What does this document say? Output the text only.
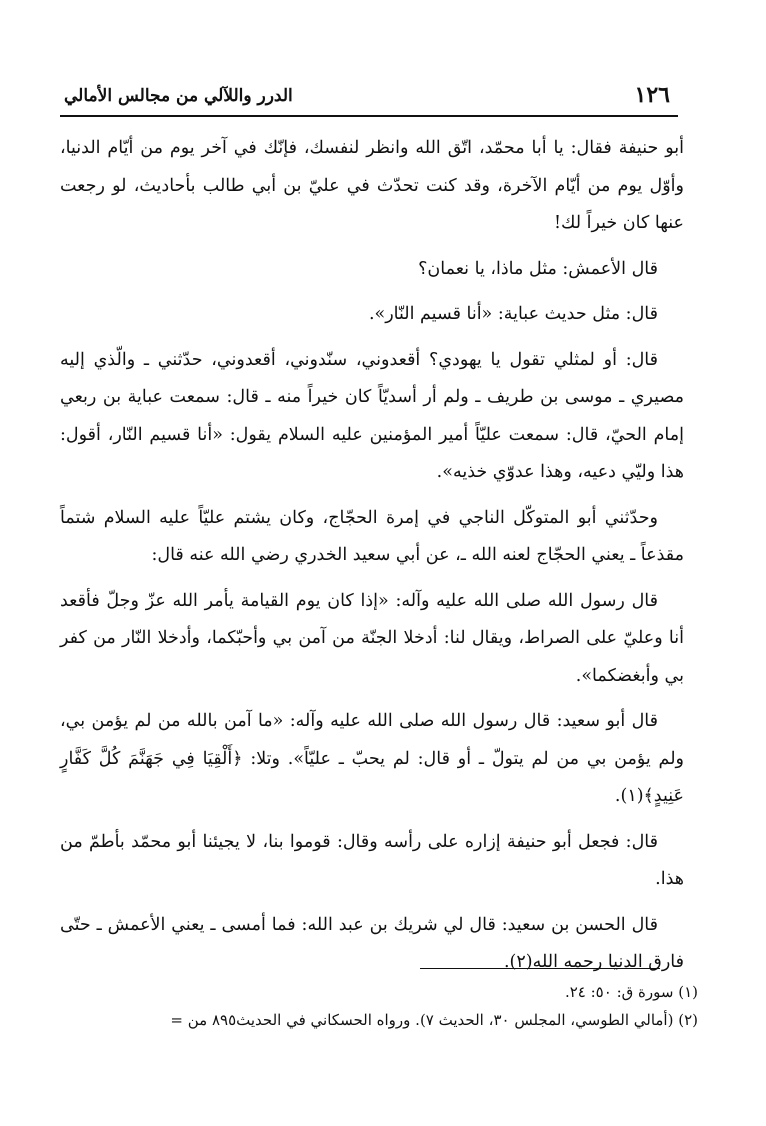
١٢٦
الدرر واللآلي من مجالس الأمالي

أبو حنيفة فقال: يا أبا محمّد، اتّق الله وانظر لنفسك، فإنّك في آخر يوم من أيّام الدنيا، وأوّل يوم من أيّام الآخرة، وقد كنت تحدّث في عليّ بن أبي طالب بأحاديث، لو رجعت عنها كان خيراً لك!

قال الأعمش: مثل ماذا، يا نعمان؟

قال: مثل حديث عباية: «أنا قسيم النّار».

قال: أو لمثلي تقول يا يهودي؟ أقعدوني، سنّدوني، أقعدوني، حدّثني ـ والّذي إليه مصيري ـ موسى بن طريف ـ ولم أر أسديّاً كان خيراً منه ـ قال: سمعت عباية بن ربعي إمام الحيّ، قال: سمعت عليّاً أمير المؤمنين عليه السلام يقول: «أنا قسيم النّار، أقول: هذا وليّي دعيه، وهذا عدوّي خذيه».

وحدّثني أبو المتوكّل الناجي في إمرة الحجّاج، وكان يشتم عليّاً عليه السلام شتماً مقذعاً ـ يعني الحجّاج لعنه الله ـ، عن أبي سعيد الخدري رضي الله عنه قال:

قال رسول الله صلى الله عليه وآله: «إذا كان يوم القيامة يأمر الله عزّ وجلّ فأقعد أنا وعليّ على الصراط، ويقال لنا: أدخلا الجنّة من آمن بي وأحبّكما، وأدخلا النّار من كفر بي وأبغضكما».

قال أبو سعيد: قال رسول الله صلى الله عليه وآله: «ما آمن بالله من لم يؤمن بي، ولم يؤمن بي من لم يتولّ ـ أو قال: لم يحبّ ـ عليّاً». وتلا: ﴿أَلْقِيَا فِي جَهَنَّمَ كُلَّ كَفَّارٍ عَنِيدٍ﴾(١).

قال: فجعل أبو حنيفة إزاره على رأسه وقال: قوموا بنا، لا يجيئنا أبو محمّد بأطمّ من هذا.

قال الحسن بن سعيد: قال لي شريك بن عبد الله: فما أمسى ـ يعني الأعمش ـ حتّى فارق الدنيا رحمه الله(٢).

(١) سورة ق: ٥٠: ٢٤.
(٢) (أمالي الطوسي، المجلس ٣٠، الحديث ٧). ورواه الحسكاني في الحديث٨٩٥ من =
